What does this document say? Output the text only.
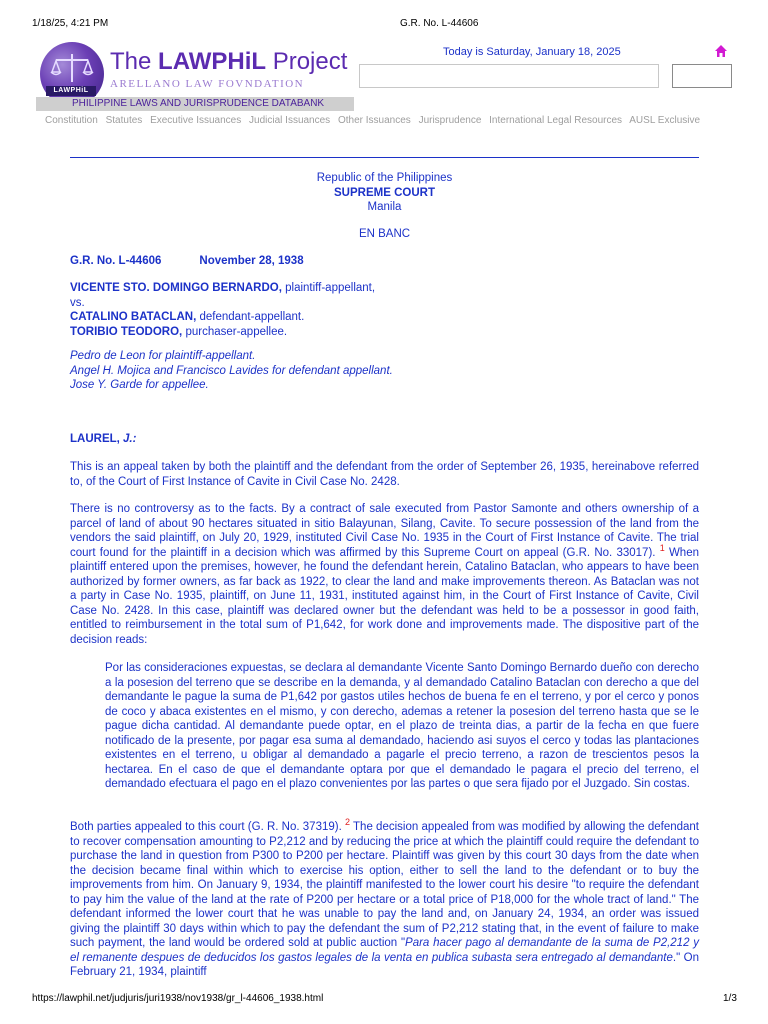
1/18/25, 4:21 PM	G.R. No. L-44606
LAWPHiL
The LAWPHiL Project
ARELLANO LAW FOVNDATION
PHILIPPINE LAWS AND JURISPRUDENCE DATABANK
Today is Saturday, January 18, 2025
Constitution Statutes Executive Issuances Judicial Issuances Other Issuances Jurisprudence International Legal Resources AUSL Exclusive
Republic of the Philippines
SUPREME COURT
Manila
EN BANC
G.R. No. L-44606	November 28, 1938
VICENTE STO. DOMINGO BERNARDO, plaintiff-appellant,
vs.
CATALINO BATACLAN, defendant-appellant.
TORIBIO TEODORO, purchaser-appellee.
Pedro de Leon for plaintiff-appellant.
Angel H. Mojica and Francisco Lavides for defendant appellant.
Jose Y. Garde for appellee.
LAUREL, J.:
This is an appeal taken by both the plaintiff and the defendant from the order of September 26, 1935, hereinabove referred to, of the Court of First Instance of Cavite in Civil Case No. 2428.
There is no controversy as to the facts. By a contract of sale executed from Pastor Samonte and others ownership of a parcel of land of about 90 hectares situated in sitio Balayunan, Silang, Cavite. To secure possession of the land from the vendors the said plaintiff, on July 20, 1929, instituted Civil Case No. 1935 in the Court of First Instance of Cavite. The trial court found for the plaintiff in a decision which was affirmed by this Supreme Court on appeal (G.R. No. 33017). $^1$ When plaintiff entered upon the premises, however, he found the defendant herein, Catalino Bataclan, who appears to have been authorized by former owners, as far back as 1922, to clear the land and make improvements thereon. As Bataclan was not a party in Case No. 1935, plaintiff, on June 11, 1931, instituted against him, in the Court of First Instance of Cavite, Civil Case No. 2428. In this case, plaintiff was declared owner but the defendant was held to be a possessor in good faith, entitled to reimbursement in the total sum of P1,642, for work done and improvements made. The dispositive part of the decision reads:
Por las consideraciones expuestas, se declara al demandante Vicente Santo Domingo Bernardo dueño con derecho a la posesion del terreno que se describe en la demanda, y al demandado Catalino Bataclan con derecho a que del demandante le pague la suma de P1,642 por gastos utiles hechos de buena fe en el terreno, y por el cerco y ponos de coco y abaca existentes en el mismo, y con derecho, ademas a retener la posesion del terreno hasta que se le pague dicha cantidad. Al demandante puede optar, en el plazo de treinta dias, a partir de la fecha en que fuere notificado de la presente, por pagar esa suma al demandado, haciendo asi suyos el cerco y todas las plantaciones existentes en el terreno, u obligar al demandado a pagarle el precio terreno, a razon de trescientos pesos la hectarea. En el caso de que el demandante optara por que el demandado le pagara el precio del terreno, el demandado efectuara el pago en el plazo convenientes por las partes o que sera fijado por el Juzgado. Sin costas.
Both parties appealed to this court (G. R. No. 37319). $^2$ The decision appealed from was modified by allowing the defendant to recover compensation amounting to P2,212 and by reducing the price at which the plaintiff could require the defendant to purchase the land in question from P300 to P200 per hectare. Plaintiff was given by this court 30 days from the date when the decision became final within which to exercise his option, either to sell the land to the defendant or to buy the improvements from him. On January 9, 1934, the plaintiff manifested to the lower court his desire "to require the defendant to pay him the value of the land at the rate of P200 per hectare or a total price of P18,000 for the whole tract of land." The defendant informed the lower court that he was unable to pay the land and, on January 24, 1934, an order was issued giving the plaintiff 30 days within which to pay the defendant the sum of P2,212 stating that, in the event of failure to make such payment, the land would be ordered sold at public auction "Para hacer pago al demandante de la suma de P2,212 y el remanente despues de deducidos los gastos legales de la venta en publica subasta sera entregado al demandante." On February 21, 1934, plaintiff
https://lawphil.net/judjuris/juri1938/nov1938/gr_l-44606_1938.html	1/3
